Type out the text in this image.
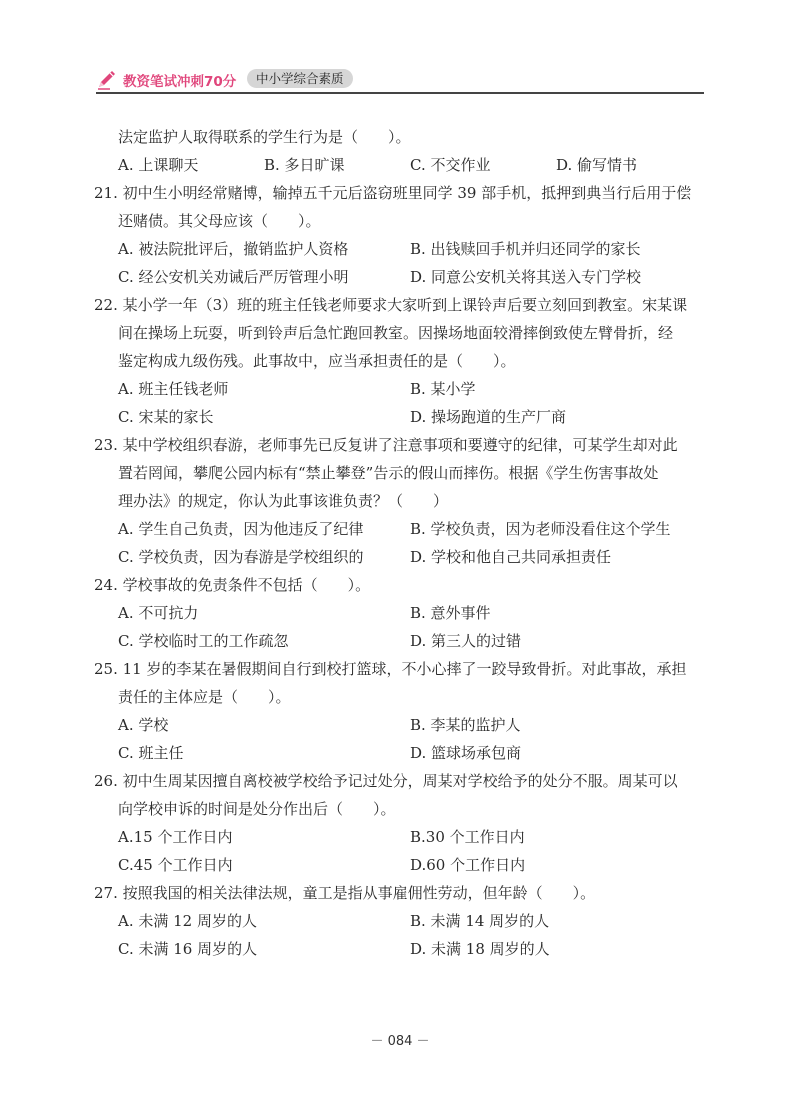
教资笔试冲刺70分	中小学综合素质
法定监护人取得联系的学生行为是（　　）。
A. 上课聊天	B. 多日旷课	C. 不交作业	D. 偷写情书
21. 初中生小明经常赌博，输掉五千元后盗窃班里同学 39 部手机，抵押到典当行后用于偿
还赌债。其父母应该（　　）。
A. 被法院批评后，撤销监护人资格	B. 出钱赎回手机并归还同学的家长
C. 经公安机关劝诫后严厉管理小明	D. 同意公安机关将其送入专门学校
22. 某小学一年（3）班的班主任钱老师要求大家听到上课铃声后要立刻回到教室。宋某课
间在操场上玩耍，听到铃声后急忙跑回教室。因操场地面较滑摔倒致使左臂骨折，经
鉴定构成九级伤残。此事故中，应当承担责任的是（　　）。
A. 班主任钱老师	B. 某小学
C. 宋某的家长	D. 操场跑道的生产厂商
23. 某中学校组织春游，老师事先已反复讲了注意事项和要遵守的纪律，可某学生却对此
置若罔闻，攀爬公园内标有“禁止攀登”告示的假山而摔伤。根据《学生伤害事故处
理办法》的规定，你认为此事该谁负责？（　　）
A. 学生自己负责，因为他违反了纪律	B. 学校负责，因为老师没看住这个学生
C. 学校负责，因为春游是学校组织的	D. 学校和他自己共同承担责任
24. 学校事故的免责条件不包括（　　）。
A. 不可抗力	B. 意外事件
C. 学校临时工的工作疏忽	D. 第三人的过错
25. 11 岁的李某在暑假期间自行到校打篮球，不小心摔了一跤导致骨折。对此事故，承担
责任的主体应是（　　）。
A. 学校	B. 李某的监护人
C. 班主任	D. 篮球场承包商
26. 初中生周某因擅自离校被学校给予记过处分，周某对学校给予的处分不服。周某可以
向学校申诉的时间是处分作出后（　　）。
A.15 个工作日内	B.30 个工作日内
C.45 个工作日内	D.60 个工作日内
27. 按照我国的相关法律法规，童工是指从事雇佣性劳动，但年龄（　　）。
A. 未满 12 周岁的人	B. 未满 14 周岁的人
C. 未满 16 周岁的人	D. 未满 18 周岁的人
－ 084 －
